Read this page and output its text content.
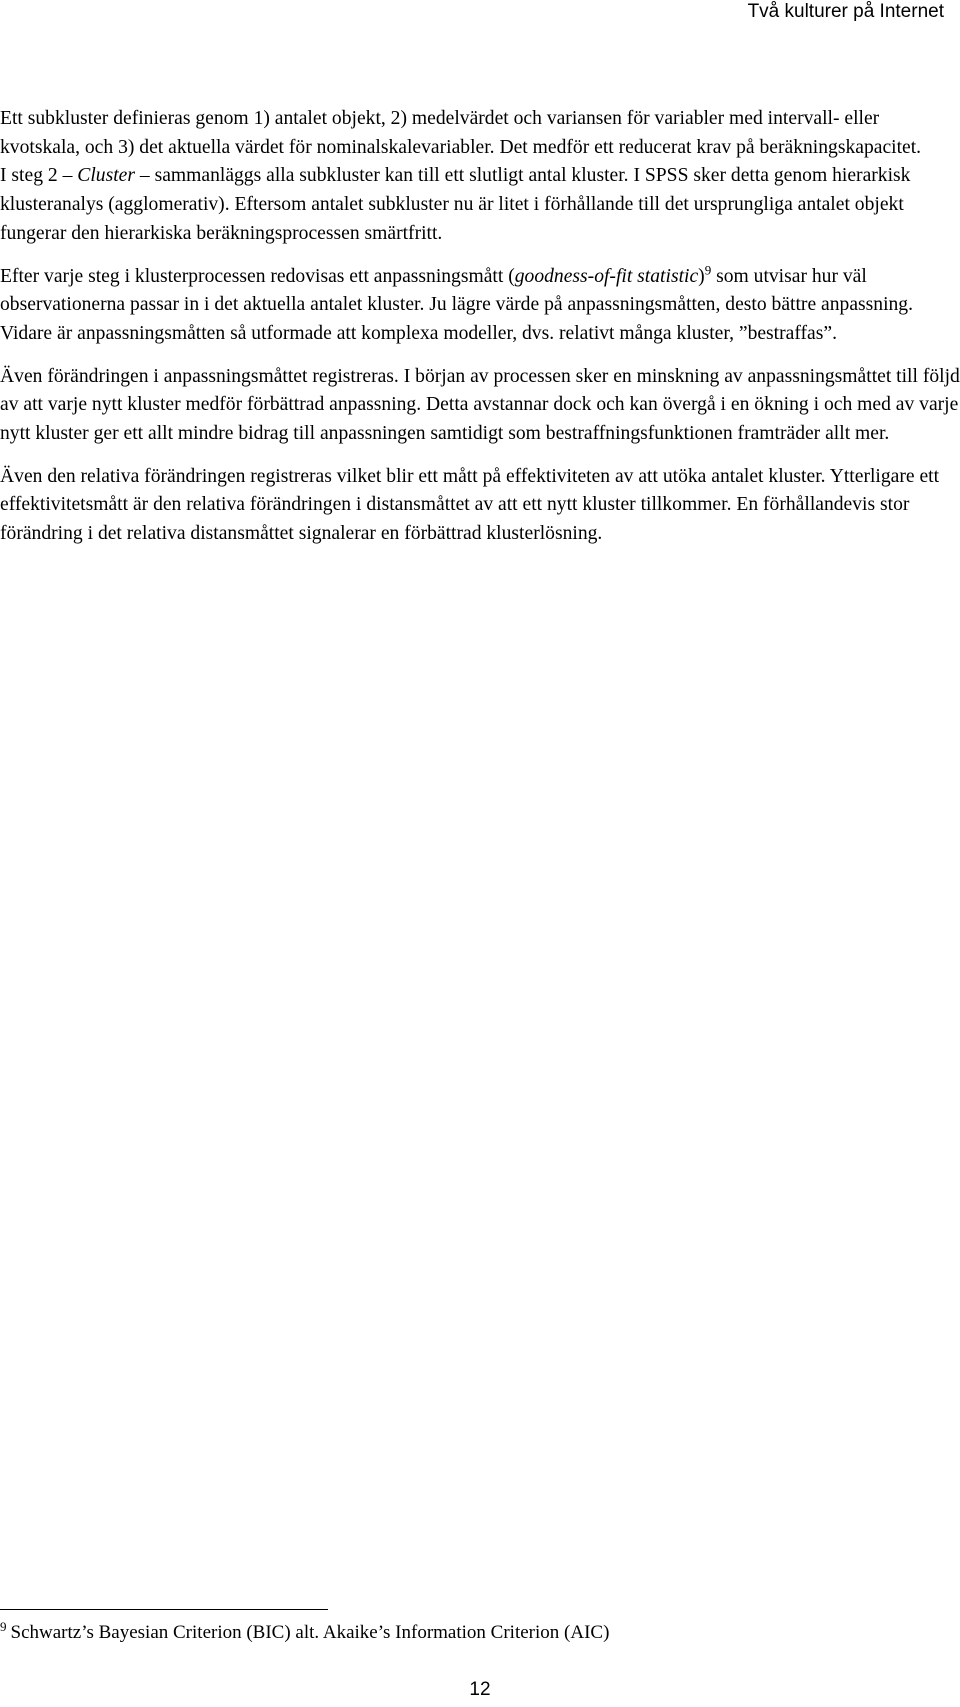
Två kulturer på Internet

Ett subkluster definieras genom 1) antalet objekt, 2) medelvärdet och variansen för variabler med intervall- eller kvotskala, och 3) det aktuella värdet för nominalskalevariabler. Det medför ett reducerat krav på beräkningskapacitet.

I steg 2 – Cluster – sammanläggs alla subkluster kan till ett slutligt antal kluster. I SPSS sker detta genom hierarkisk klusteranalys (agglomerativ). Eftersom antalet subkluster nu är litet i förhållande till det ursprungliga antalet objekt fungerar den hierarkiska beräkningsprocessen smärtfritt.

Efter varje steg i klusterprocessen redovisas ett anpassningsmått (goodness-of-fit statistic)$^9$ som utvisar hur väl observationerna passar in i det aktuella antalet kluster. Ju lägre värde på anpassningsmåtten, desto bättre anpassning. Vidare är anpassningsmåtten så utformade att komplexa modeller, dvs. relativt många kluster, ”bestraffas”.

Även förändringen i anpassningsmåttet registreras. I början av processen sker en minskning av anpassningsmåttet till följd av att varje nytt kluster medför förbättrad anpassning. Detta avstannar dock och kan övergå i en ökning i och med av varje nytt kluster ger ett allt mindre bidrag till anpassningen samtidigt som bestraffningsfunktionen framträder allt mer.

Även den relativa förändringen registreras vilket blir ett mått på effektiviteten av att utöka antalet kluster. Ytterligare ett effektivitetsmått är den relativa förändringen i distansmåttet av att ett nytt kluster tillkommer. En förhållandevis stor förändring i det relativa distansmåttet signalerar en förbättrad klusterlösning.

$^9$ Schwartz’s Bayesian Criterion (BIC) alt. Akaike’s Information Criterion (AIC)
12
